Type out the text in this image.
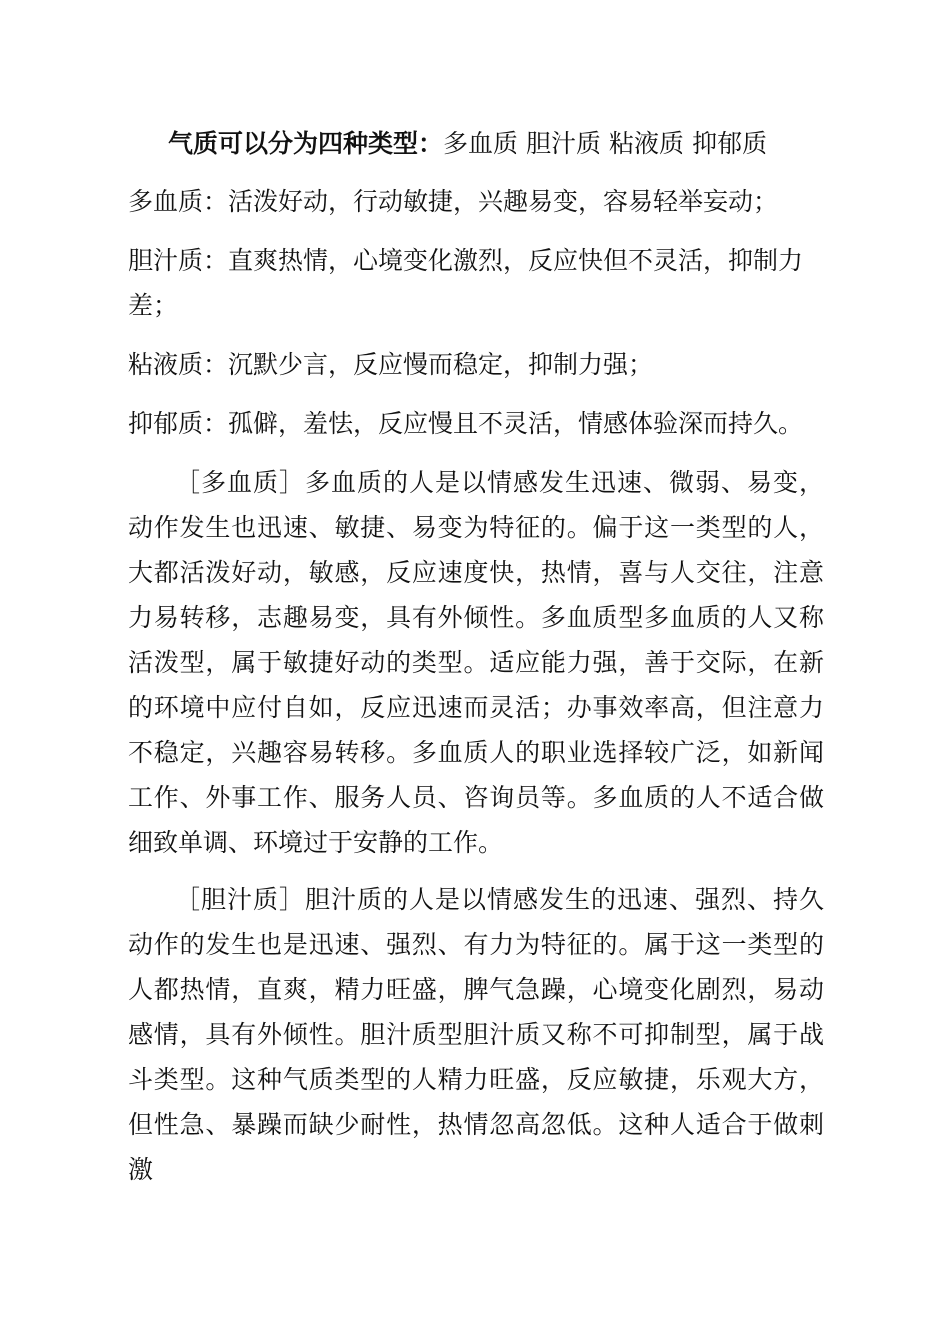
气质可以分为四种类型：多血质 胆汁质 粘液质 抑郁质

多血质：活泼好动，行动敏捷，兴趣易变，容易轻举妄动；

胆汁质：直爽热情，心境变化激烈，反应快但不灵活，抑制力差；

粘液质：沉默少言，反应慢而稳定，抑制力强；

抑郁质：孤僻，羞怯，反应慢且不灵活，情感体验深而持久。

［多血质］多血质的人是以情感发生迅速、微弱、易变，动作发生也迅速、敏捷、易变为特征的。偏于这一类型的人，大都活泼好动，敏感，反应速度快，热情，喜与人交往，注意力易转移，志趣易变，具有外倾性。多血质型多血质的人又称活泼型，属于敏捷好动的类型。适应能力强，善于交际，在新的环境中应付自如，反应迅速而灵活；办事效率高，但注意力不稳定，兴趣容易转移。多血质人的职业选择较广泛，如新闻工作、外事工作、服务人员、咨询员等。多血质的人不适合做细致单调、环境过于安静的工作。

［胆汁质］胆汁质的人是以情感发生的迅速、强烈、持久动作的发生也是迅速、强烈、有力为特征的。属于这一类型的人都热情，直爽，精力旺盛，脾气急躁，心境变化剧烈，易动感情，具有外倾性。胆汁质型胆汁质又称不可抑制型，属于战斗类型。这种气质类型的人精力旺盛，反应敏捷，乐观大方，但性急、暴躁而缺少耐性，热情忽高忽低。这种人适合于做刺激
